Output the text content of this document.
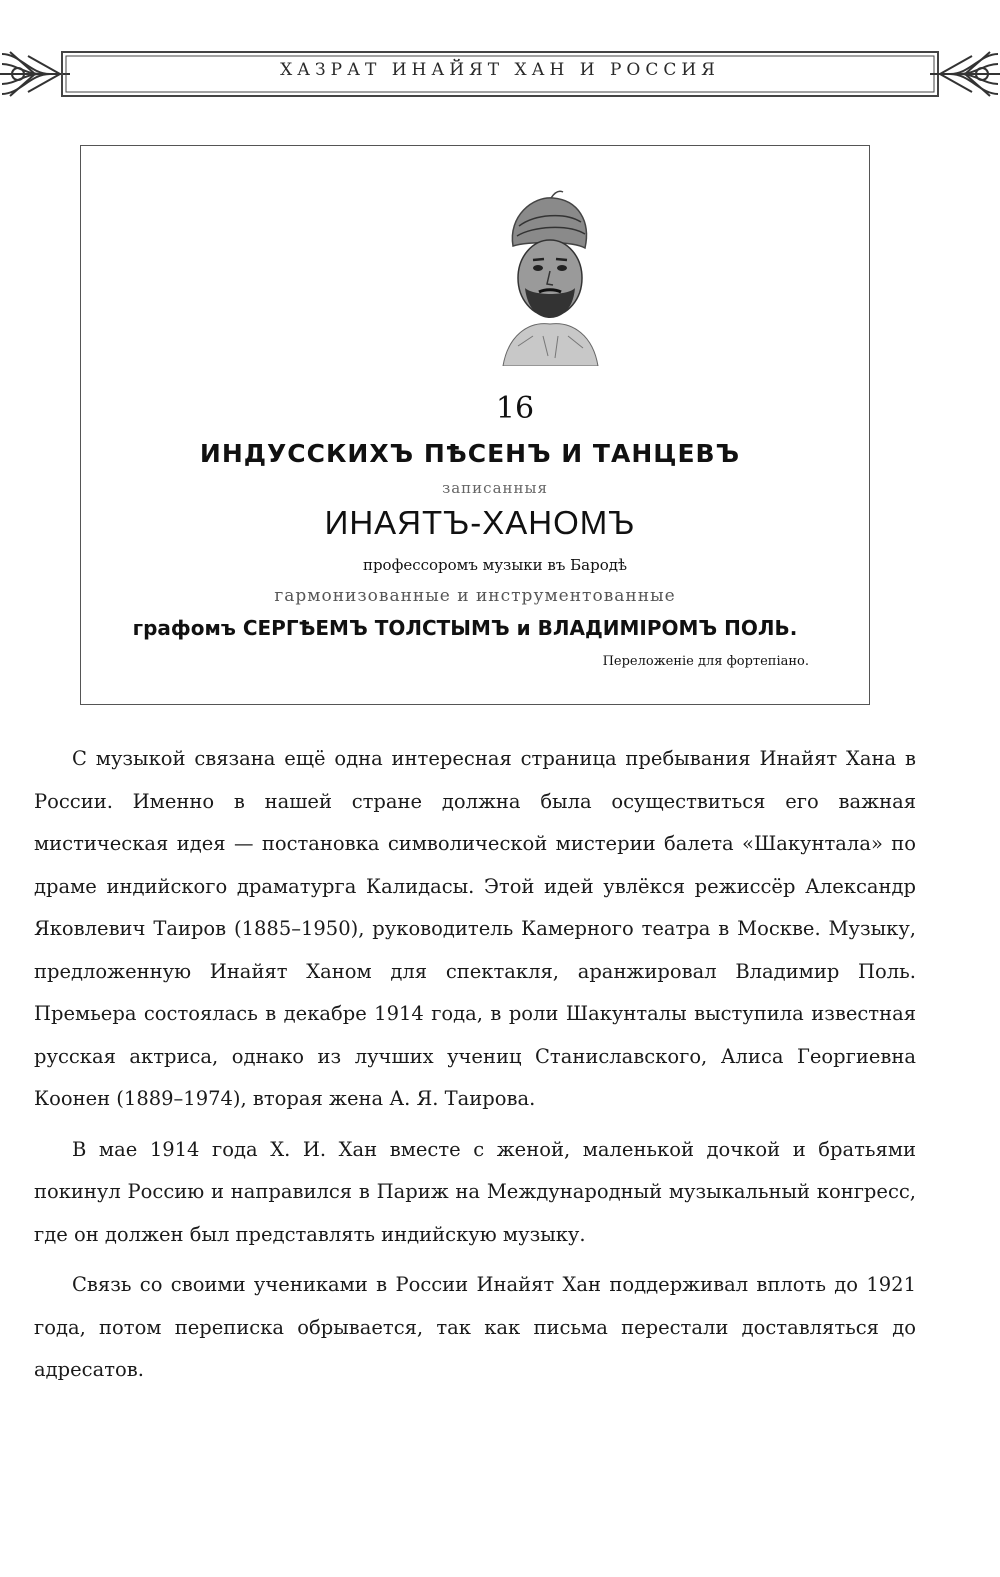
ХАЗРАТ ИНАЙЯТ ХАН И РОССИЯ
16
ИНДУССКИХЪ ПѢСЕНЪ И ТАНЦЕВЪ
записанныя
ИНАЯТЪ-ХАНОМЪ
профессоромъ музыки въ Бародѣ
гармонизованные и инструментованные
графомъ СЕРГѢЕМЪ ТОЛСТЫМЪ и ВЛАДИМІРОМЪ ПОЛЬ.
Переложеніе для фортепіано.

С музыкой связана ещё одна интересная страница пребывания Инайят Хана в России. Именно в нашей стране должна была осуществиться его важная мистическая идея — постановка символической мистерии балета «Шакунтала» по драме индийского драматурга Калидасы. Этой идей увлёкся режиссёр Александр Яковлевич Таиров (1885–1950), руководитель Камерного театра в Москве. Музыку, предложенную Инайят Ханом для спектакля, аранжировал Владимир Поль. Премьера состоялась в декабре 1914 года, в роли Шакунталы выступила известная русская актриса, однако из лучших учениц Станиславского, Алиса Георгиевна Коонен (1889–1974), вторая жена А. Я. Таирова.

В мае 1914 года Х. И. Хан вместе с женой, маленькой дочкой и братьями покинул Россию и направился в Париж на Международный музыкальный конгресс, где он должен был представлять индийскую музыку.

Связь со своими учениками в России Инайят Хан поддерживал вплоть до 1921 года, потом переписка обрывается, так как письма перестали доставляться до адресатов.
